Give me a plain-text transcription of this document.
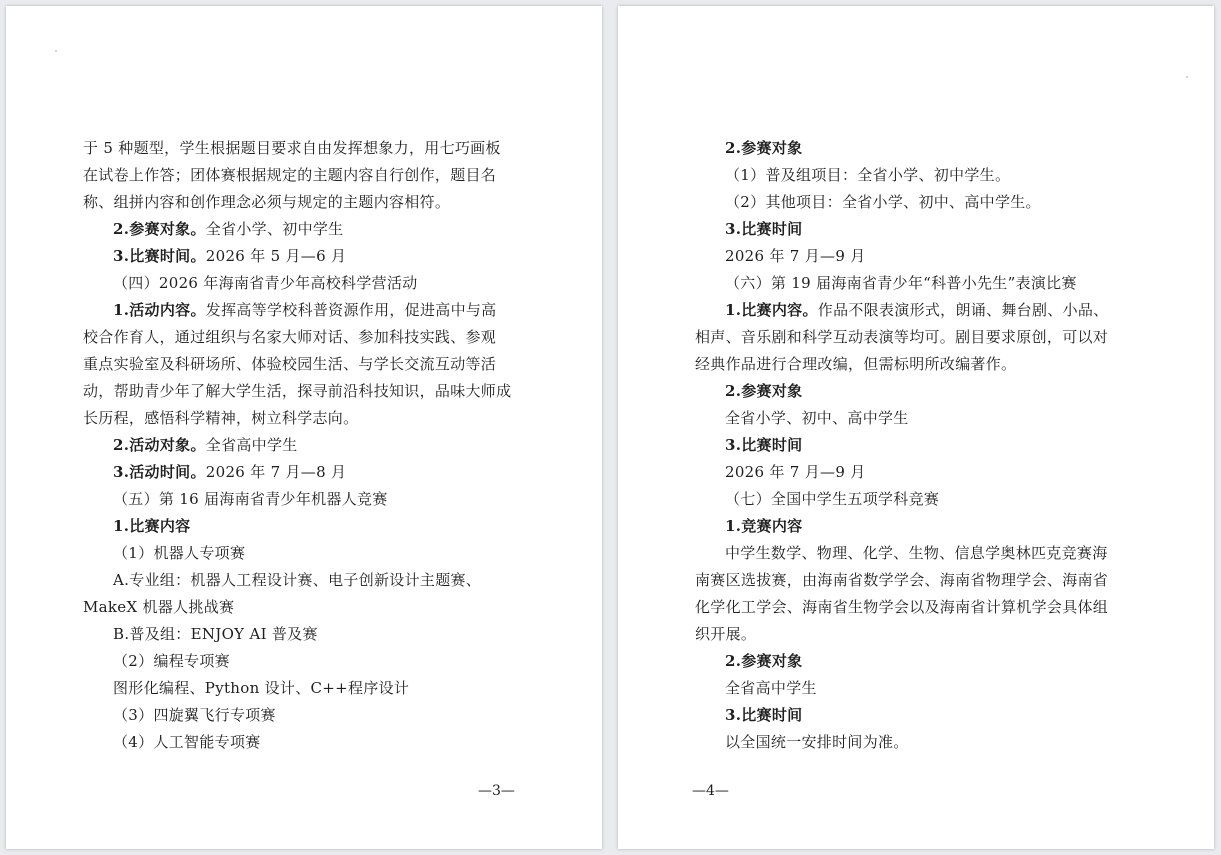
于 5 种题型，学生根据题目要求自由发挥想象力，用七巧画板
在试卷上作答；团体赛根据规定的主题内容自行创作，题目名
称、组拼内容和创作理念必须与规定的主题内容相符。
2.参赛对象。全省小学、初中学生
3.比赛时间。2026 年 5 月—6 月
（四）2026 年海南省青少年高校科学营活动
1.活动内容。发挥高等学校科普资源作用，促进高中与高
校合作育人，通过组织与名家大师对话、参加科技实践、参观
重点实验室及科研场所、体验校园生活、与学长交流互动等活
动，帮助青少年了解大学生活，探寻前沿科技知识，品味大师成
长历程，感悟科学精神，树立科学志向。
2.活动对象。全省高中学生
3.活动时间。2026 年 7 月—8 月
（五）第 16 届海南省青少年机器人竞赛
1.比赛内容
（1）机器人专项赛
A.专业组：机器人工程设计赛、电子创新设计主题赛、
MakeX 机器人挑战赛
B.普及组：ENJOY AI 普及赛
（2）编程专项赛
图形化编程、Python 设计、C++程序设计
（3）四旋翼飞行专项赛
（4）人工智能专项赛
—3—
2.参赛对象
（1）普及组项目：全省小学、初中学生。
（2）其他项目：全省小学、初中、高中学生。
3.比赛时间
2026 年 7 月—9 月
（六）第 19 届海南省青少年“科普小先生”表演比赛
1.比赛内容。作品不限表演形式，朗诵、舞台剧、小品、
相声、音乐剧和科学互动表演等均可。剧目要求原创，可以对
经典作品进行合理改编，但需标明所改编著作。
2.参赛对象
全省小学、初中、高中学生
3.比赛时间
2026 年 7 月—9 月
（七）全国中学生五项学科竞赛
1.竞赛内容
中学生数学、物理、化学、生物、信息学奥林匹克竞赛海
南赛区选拔赛，由海南省数学学会、海南省物理学会、海南省
化学化工学会、海南省生物学会以及海南省计算机学会具体组
织开展。
2.参赛对象
全省高中学生
3.比赛时间
以全国统一安排时间为准。
—4—
